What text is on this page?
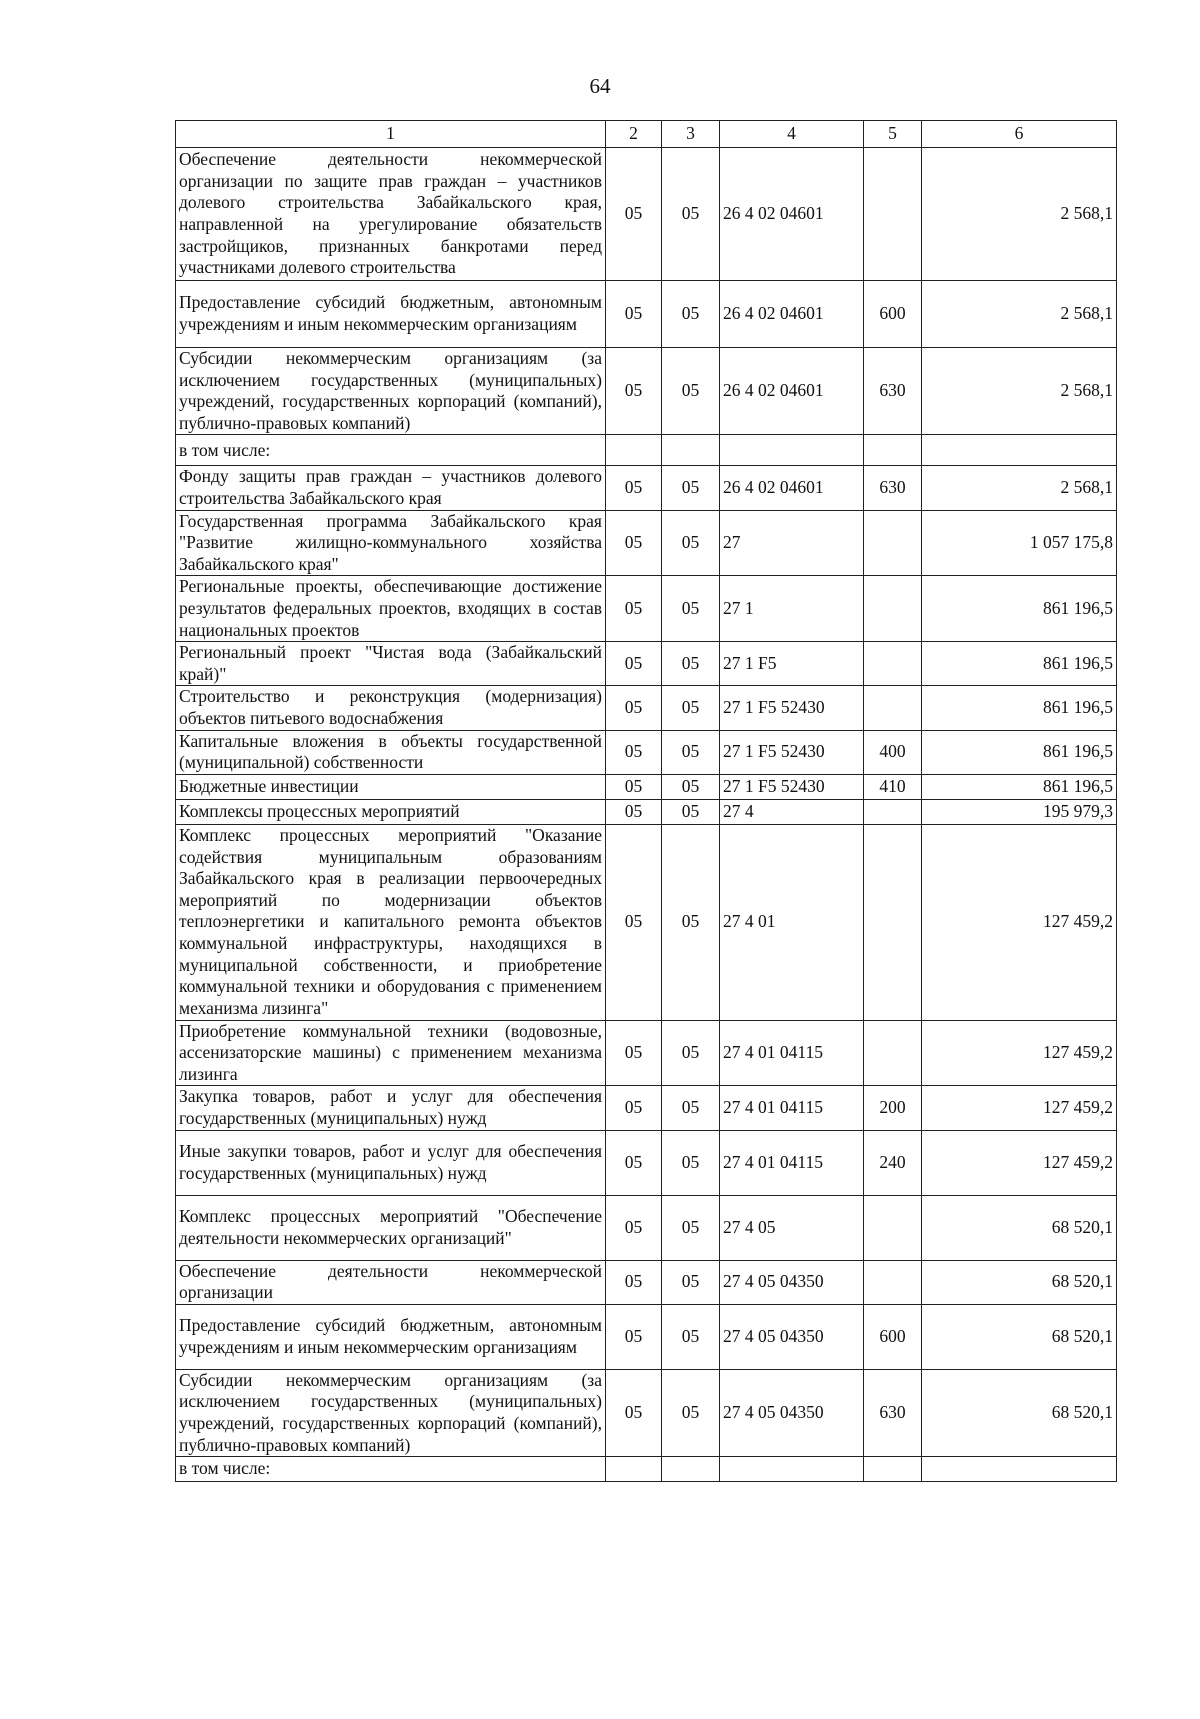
64
1	2	3	4	5	6
Обеспечение деятельности некоммерческой организации по защите прав граждан – участников долевого строительства Забайкальского края, направленной на урегулирование обязательств застройщиков, признанных банкротами перед участниками долевого строительства	05	05	26 4 02 04601		2 568,1
Предоставление субсидий бюджетным, автономным учреждениям и иным некоммерческим организациям	05	05	26 4 02 04601	600	2 568,1
Субсидии некоммерческим организациям (за исключением государственных (муниципальных) учреждений, государственных корпораций (компаний), публично-правовых компаний)	05	05	26 4 02 04601	630	2 568,1
в том числе:					
Фонду защиты прав граждан – участников долевого строительства Забайкальского края	05	05	26 4 02 04601	630	2 568,1
Государственная программа Забайкальского края "Развитие жилищно-коммунального хозяйства Забайкальского края"	05	05	27		1 057 175,8
Региональные проекты, обеспечивающие достижение результатов федеральных проектов, входящих в состав национальных проектов	05	05	27 1		861 196,5
Региональный проект "Чистая вода (Забайкальский край)"	05	05	27 1 F5		861 196,5
Строительство и реконструкция (модернизация) объектов питьевого водоснабжения	05	05	27 1 F5 52430		861 196,5
Капитальные вложения в объекты государственной (муниципальной) собственности	05	05	27 1 F5 52430	400	861 196,5
Бюджетные инвестиции	05	05	27 1 F5 52430	410	861 196,5
Комплексы процессных мероприятий	05	05	27 4		195 979,3
Комплекс процессных мероприятий "Оказание содействия муниципальным образованиям Забайкальского края в реализации первоочередных мероприятий по модернизации объектов теплоэнергетики и капитального ремонта объектов коммунальной инфраструктуры, находящихся в муниципальной собственности, и приобретение коммунальной техники и оборудования с применением механизма лизинга"	05	05	27 4 01		127 459,2
Приобретение коммунальной техники (водовозные, ассенизаторские машины) с применением механизма лизинга	05	05	27 4 01 04115		127 459,2
Закупка товаров, работ и услуг для обеспечения государственных (муниципальных) нужд	05	05	27 4 01 04115	200	127 459,2
Иные закупки товаров, работ и услуг для обеспечения государственных (муниципальных) нужд	05	05	27 4 01 04115	240	127 459,2
Комплекс процессных мероприятий "Обеспечение деятельности некоммерческих организаций"	05	05	27 4 05		68 520,1
Обеспечение деятельности некоммерческой организации	05	05	27 4 05 04350		68 520,1
Предоставление субсидий бюджетным, автономным учреждениям и иным некоммерческим организациям	05	05	27 4 05 04350	600	68 520,1
Субсидии некоммерческим организациям (за исключением государственных (муниципальных) учреждений, государственных корпораций (компаний), публично-правовых компаний)	05	05	27 4 05 04350	630	68 520,1
в том числе:					
